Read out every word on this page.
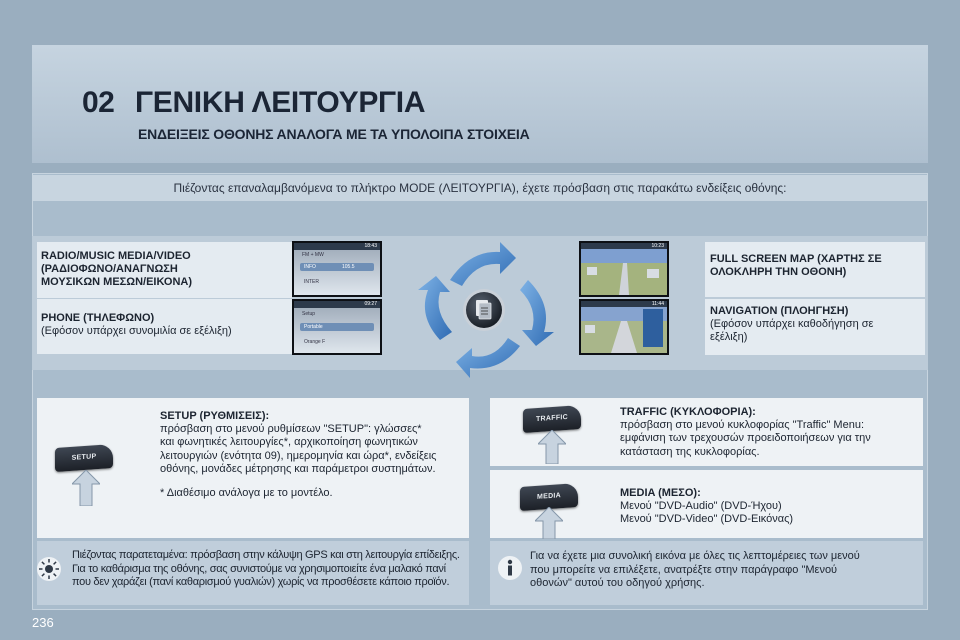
02 ΓΕΝΙΚΗ ΛΕΙΤΟΥΡΓΙΑ
ΕΝΔΕΙΞΕΙΣ ΟΘΟΝΗΣ ΑΝΑΛΟΓΑ ΜΕ ΤΑ ΥΠΟΛΟΙΠΑ ΣΤΟΙΧΕΙΑ
Πιέζοντας επαναλαμβανόμενα το πλήκτρο MODE (ΛΕΙΤΟΥΡΓΙΑ), έχετε πρόσβαση στις παρακάτω ενδείξεις οθόνης:
RADIO/MUSIC MEDIA/VIDEO
(ΡΑΔΙΟΦΩΝΟ/ΑΝΑΓΝΩΣΗ
ΜΟΥΣΙΚΩΝ ΜΕΣΩΝ/ΕΙΚΟΝΑ)
PHONE (ΤΗΛΕΦΩΝΟ)
(Εφόσον υπάρχει συνομιλία σε εξέλιξη)
FULL SCREEN MAP (ΧΑΡΤΗΣ ΣΕ
ΟΛΟΚΛΗΡΗ ΤΗΝ ΟΘΟΝΗ)
NAVIGATION (ΠΛΟΗΓΗΣΗ)
(Εφόσον υπάρχει καθοδήγηση σε
εξέλιξη)
18:43
FM + MW
INFO	105.5
INTER
09:27
Setup
Portable
Orange F
10:23
11:44
SETUP
SETUP (ΡΥΘΜΙΣΕΙΣ):
πρόσβαση στο μενού ρυθμίσεων "SETUP": γλώσσες*
και φωνητικές λειτουργίες*, αρχικοποίηση φωνητικών
λειτουργιών (ενότητα 09), ημερομηνία και ώρα*, ενδείξεις
οθόνης, μονάδες μέτρησης και παράμετροι συστημάτων.
* Διαθέσιμο ανάλογα με το μοντέλο.
TRAFFIC
TRAFFIC (ΚΥΚΛΟΦΟΡΙΑ):
πρόσβαση στο μενού κυκλοφορίας "Traffic" Menu:
εμφάνιση των τρεχουσών προειδοποιήσεων για την
κατάσταση της κυκλοφορίας.
MEDIA	MEDIA (ΜΕΣΟ):
Μενού "DVD-Audio" (DVD-Ήχου)
Μενού "DVD-Video" (DVD-Εικόνας)
Πιέζοντας παρατεταμένα: πρόσβαση στην κάλυψη GPS και στη λειτουργία επίδειξης.
Για το καθάρισμα της οθόνης, σας συνιστούμε να χρησιμοποιείτε ένα μαλακό πανί
που δεν χαράζει (πανί καθαρισμού γυαλιών) χωρίς να προσθέσετε κάποιο προϊόν.
Για να έχετε μια συνολική εικόνα με όλες τις λεπτομέρειες των μενού
που μπορείτε να επιλέξετε, ανατρέξτε στην παράγραφο "Μενού
οθονών" αυτού του οδηγού χρήσης.
236
